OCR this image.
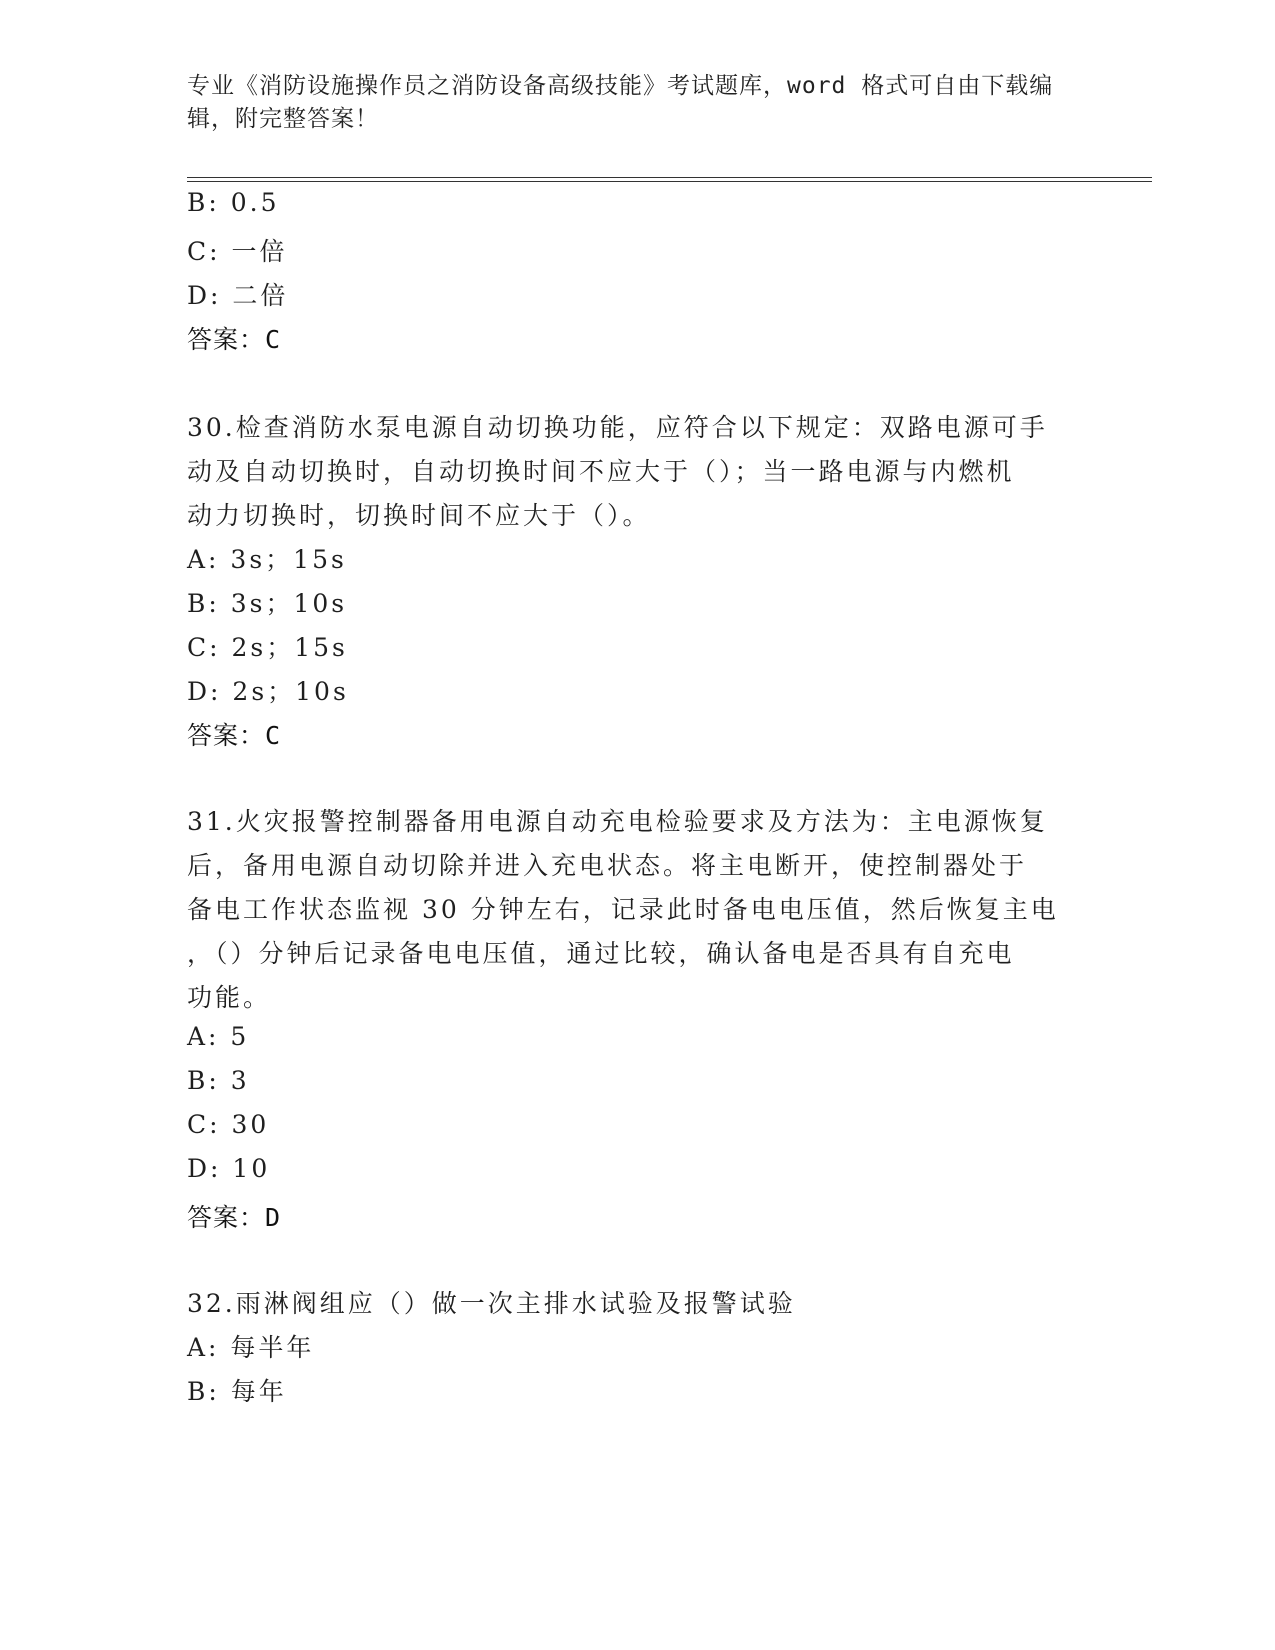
专业《消防设施操作员之消防设备高级技能》考试题库，word 格式可自由下载编
辑，附完整答案！
B: 0.5
C: 一倍
D: 二倍
答案：C
30.检查消防水泵电源自动切换功能，应符合以下规定：双路电源可手
动及自动切换时，自动切换时间不应大于（）；当一路电源与内燃机
动力切换时，切换时间不应大于（）。
A: 3s；15s
B: 3s；10s
C: 2s；15s
D: 2s；10s
答案：C
31.火灾报警控制器备用电源自动充电检验要求及方法为：主电源恢复
后，备用电源自动切除并进入充电状态。将主电断开，使控制器处于
备电工作状态监视 30 分钟左右，记录此时备电电压值，然后恢复主电
，（）分钟后记录备电电压值，通过比较，确认备电是否具有自充电
功能。
A: 5
B: 3
C: 30
D: 10
答案：D
32.雨淋阀组应（）做一次主排水试验及报警试验
A: 每半年
B: 每年
